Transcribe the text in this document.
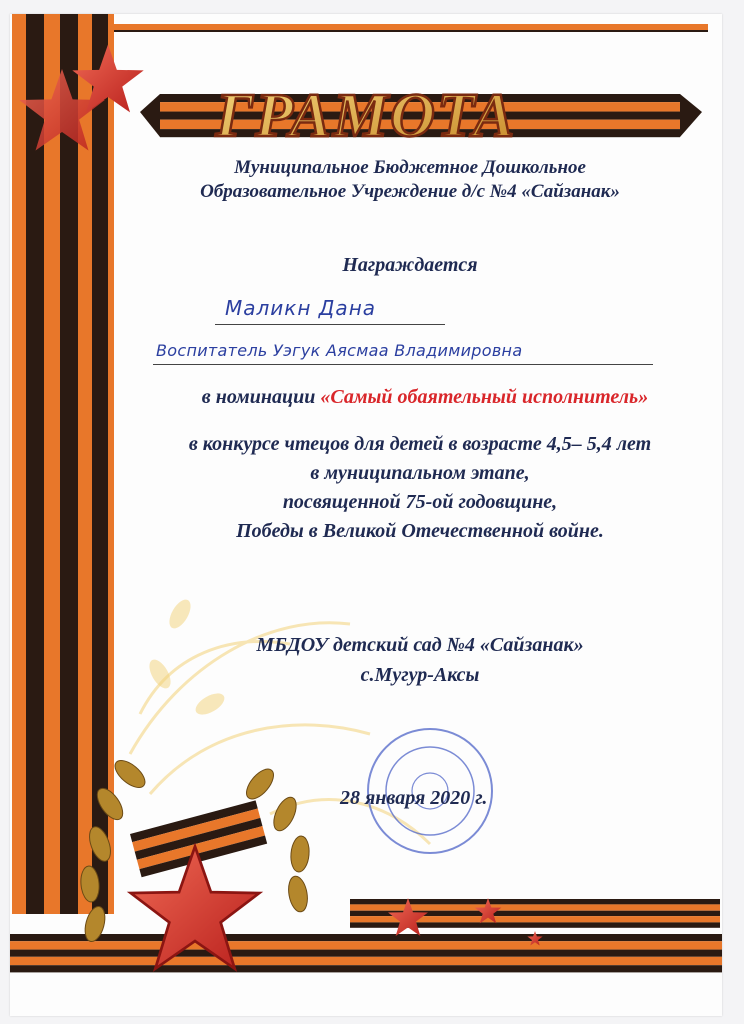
ГРАМОТА
Муниципальное Бюджетное Дошкольное
Образовательное Учреждение д/с №4 «Сайзанак»
Награждается
Маликн Дана
Воспитатель Уэгук Аясмаа Владимировна
в номинации «Самый обаятельный исполнитель»
в конкурсе чтецов для детей в возрасте 4,5– 5,4 лет
в муниципальном этапе,
посвященной 75-ой годовщине,
Победы в Великой Отечественной войне.
МБДОУ детский сад №4 «Сайзанак»
с.Мугур-Аксы
28 января 2020 г.
